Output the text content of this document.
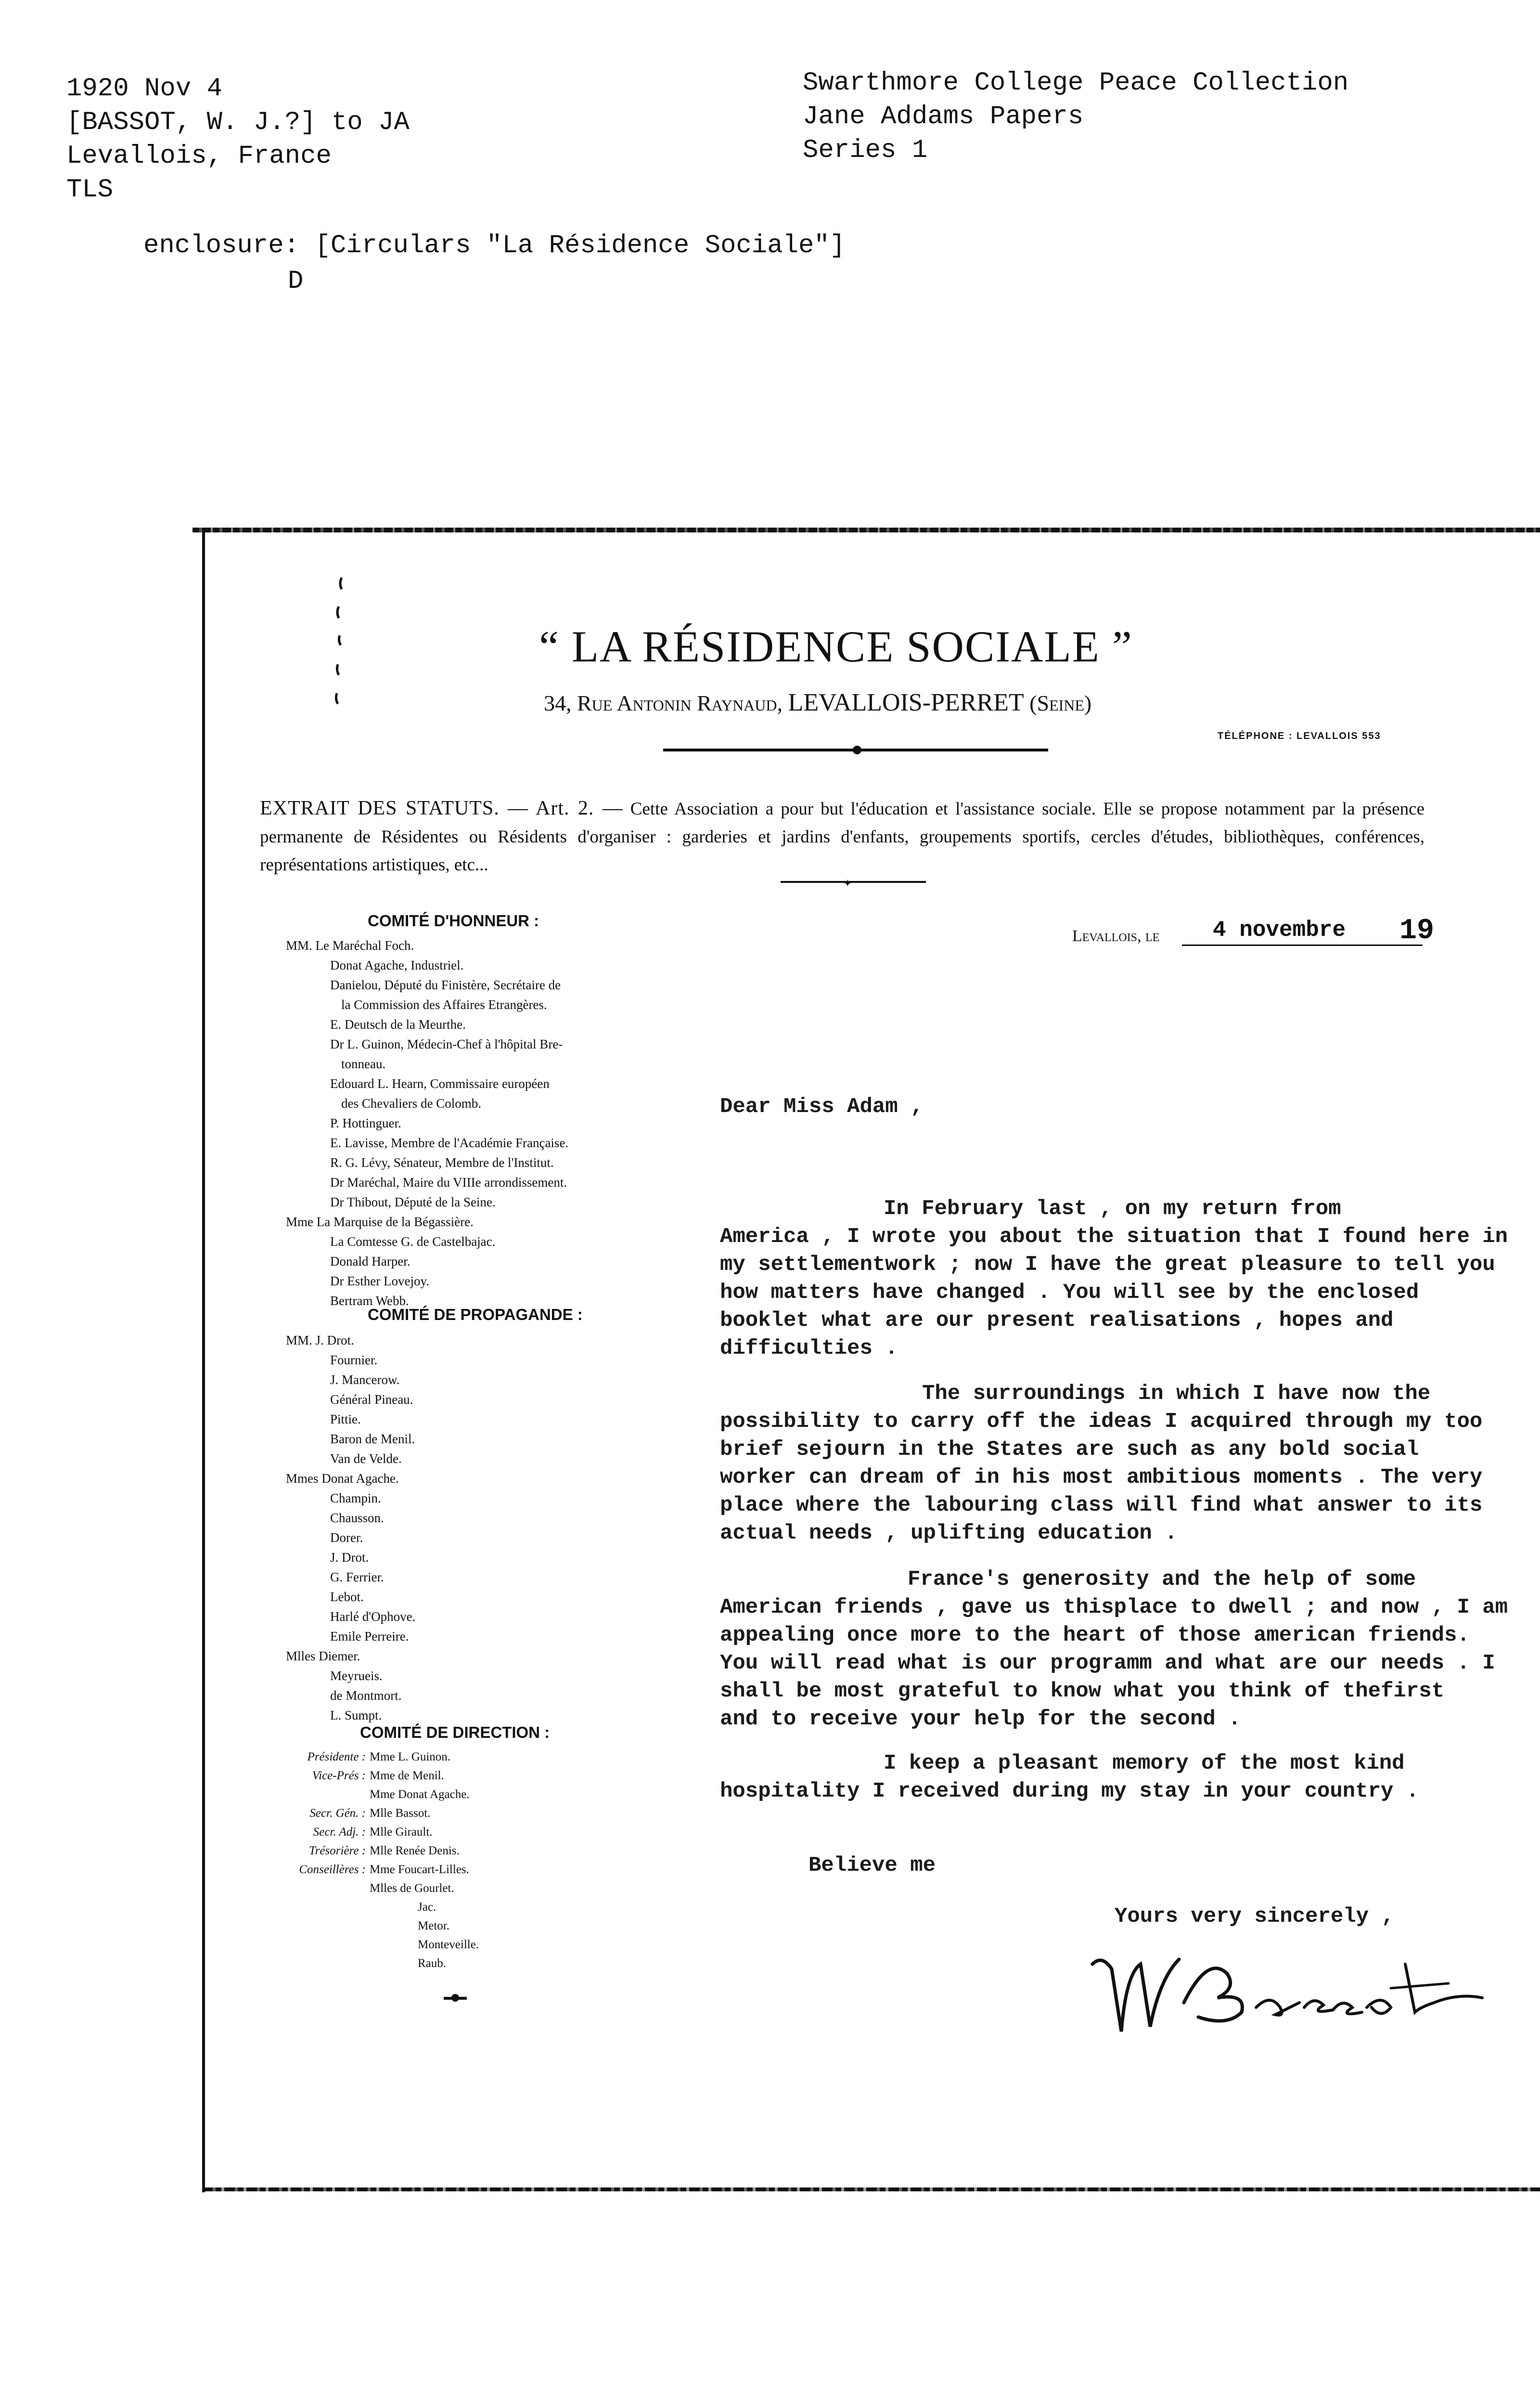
1920 Nov 4
[BASSOT, W. J.?] to JA
Levallois, France
TLS
Swarthmore College Peace Collection
Jane Addams Papers
Series 1
enclosure: [Circulars "La Résidence Sociale"]
D
“ LA RÉSIDENCE SOCIALE ”
34, Rue Antonin Raynaud, LEVALLOIS-PERRET (Seine)
TÉLÉPHONE : LEVALLOIS 553
EXTRAIT DES STATUTS. — Art. 2. — Cette Association a pour but l'éducation et l'assistance sociale. Elle se propose notamment par la présence permanente de Résidentes ou Résidents d'organiser : garderies et jardins d'enfants, groupements sportifs, cercles d'études, bibliothèques, conférences, représentations artistiques, etc...
✦
COMITÉ D'HONNEUR :
MM. Le Maréchal Foch.
Donat Agache, Industriel.
Danielou, Député du Finistère, Secrétaire de
la Commission des Affaires Etrangères.
E. Deutsch de la Meurthe.
Dr L. Guinon, Médecin-Chef à l'hôpital Bre-
tonneau.
Edouard L. Hearn, Commissaire européen
des Chevaliers de Colomb.
P. Hottinguer.
E. Lavisse, Membre de l'Académie Française.
R. G. Lévy, Sénateur, Membre de l'Institut.
Dr Maréchal, Maire du VIIIe arrondissement.
Dr Thibout, Député de la Seine.
Mme La Marquise de la Bégassière.
La Comtesse G. de Castelbajac.
Donald Harper.
Dr Esther Lovejoy.
Bertram Webb.
COMITÉ DE PROPAGANDE :
MM. J. Drot.
Fournier.
J. Mancerow.
Général Pineau.
Pittie.
Baron de Menil.
Van de Velde.
Mmes Donat Agache.
Champin.
Chausson.
Dorer.
J. Drot.
G. Ferrier.
Lebot.
Harlé d'Ophove.
Emile Perreire.
Mlles Diemer.
Meyrueis.
de Montmort.
L. Sumpt.
COMITÉ DE DIRECTION :
Présidente : Mme L. Guinon.
Vice-Prés : Mme de Menil.
Mme Donat Agache.
Secr. Gén. : Mlle Bassot.
Secr. Adj. : Mlle Girault.
Trésorière : Mlle Renée Denis.
Conseillères : Mme Foucart-Lilles.
Mlles de Gourlet.
Jac.
Metor.
Monteveille.
Raub.
Levallois, le 4 novembre 19
Dear Miss Adam ,
In February last , on my return from
America , I wrote you about the situation that I found here in
my settlementwork ; now I have the great pleasure to tell you
how matters have changed . You will see by the enclosed
booklet what are our present realisations , hopes and
difficulties .
The surroundings in which I have now the
possibility to carry off the ideas I acquired through my too
brief sejourn in the States are such as any bold social
worker can dream of in his most ambitious moments . The very
place where the labouring class will find what answer to its
actual needs , uplifting education .
France's generosity and the help of some
American friends , gave us thisplace to dwell ; and now , I am
appealing once more to the heart of those american friends.
You will read what is our programm and what are our needs . I
shall be most grateful to know what you think of thefirst
and to receive your help for the second .
I keep a pleasant memory of the most kind
hospitality I received during my stay in your country .
Believe me
Yours very sincerely ,
